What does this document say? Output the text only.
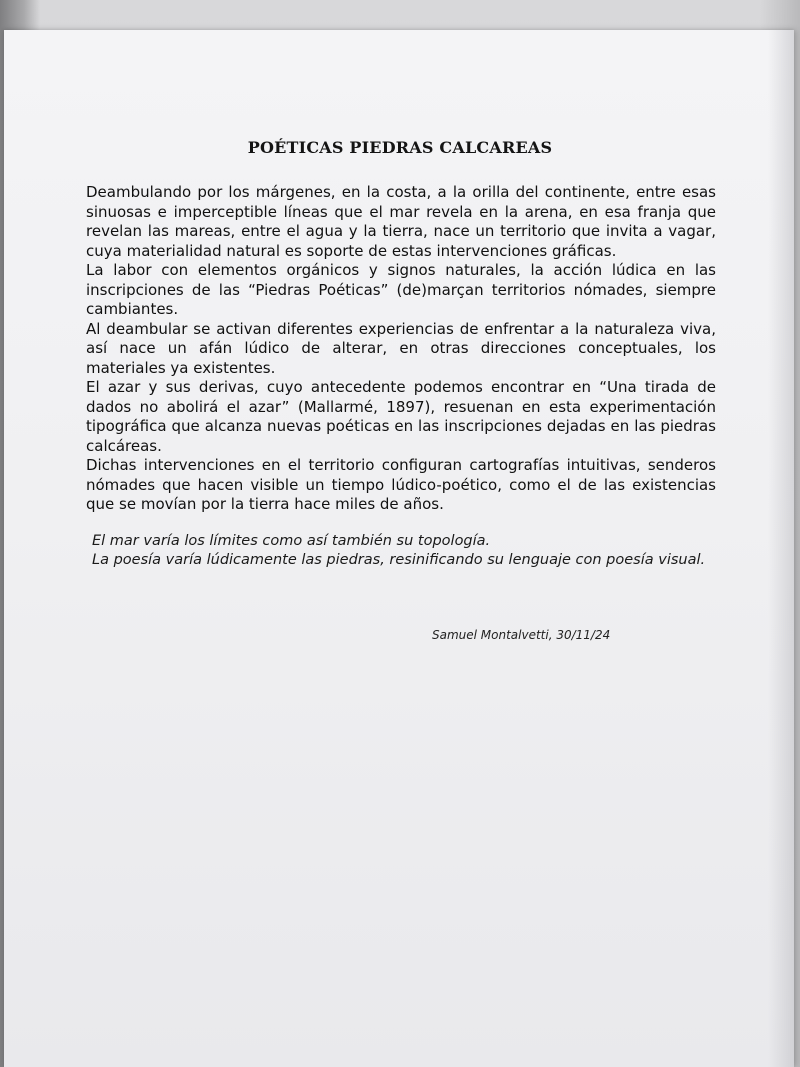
POÉTICAS PIEDRAS CALCAREAS

Deambulando por los márgenes, en la costa, a la orilla del continente, entre esas sinuosas e imperceptible líneas que el mar revela en la arena, en esa franja que revelan las mareas, entre el agua y la tierra, nace un territorio que invita a vagar, cuya materialidad natural es soporte de estas intervenciones gráficas.

La labor con elementos orgánicos y signos naturales, la acción lúdica en las inscripciones de las “Piedras Poéticas” (de)marçan territorios nómades, siempre cambiantes.

Al deambular se activan diferentes experiencias de enfrentar a la naturaleza viva, así nace un afán lúdico de alterar, en otras direcciones conceptuales, los materiales ya existentes.

El azar y sus derivas, cuyo antecedente podemos encontrar en “Una tirada de dados no abolirá el azar” (Mallarmé, 1897), resuenan en esta experimentación tipográfica que alcanza nuevas poéticas en las inscripciones dejadas en las piedras calcáreas.

Dichas intervenciones en el territorio configuran cartografías intuitivas, senderos nómades que hacen visible un tiempo lúdico-poético, como el de las existencias que se movían por la tierra hace miles de años.

El mar varía los límites como así también su topología.

La poesía varía lúdicamente las piedras, resinificando su lenguaje con poesía visual.

Samuel Montalvetti, 30/11/24
